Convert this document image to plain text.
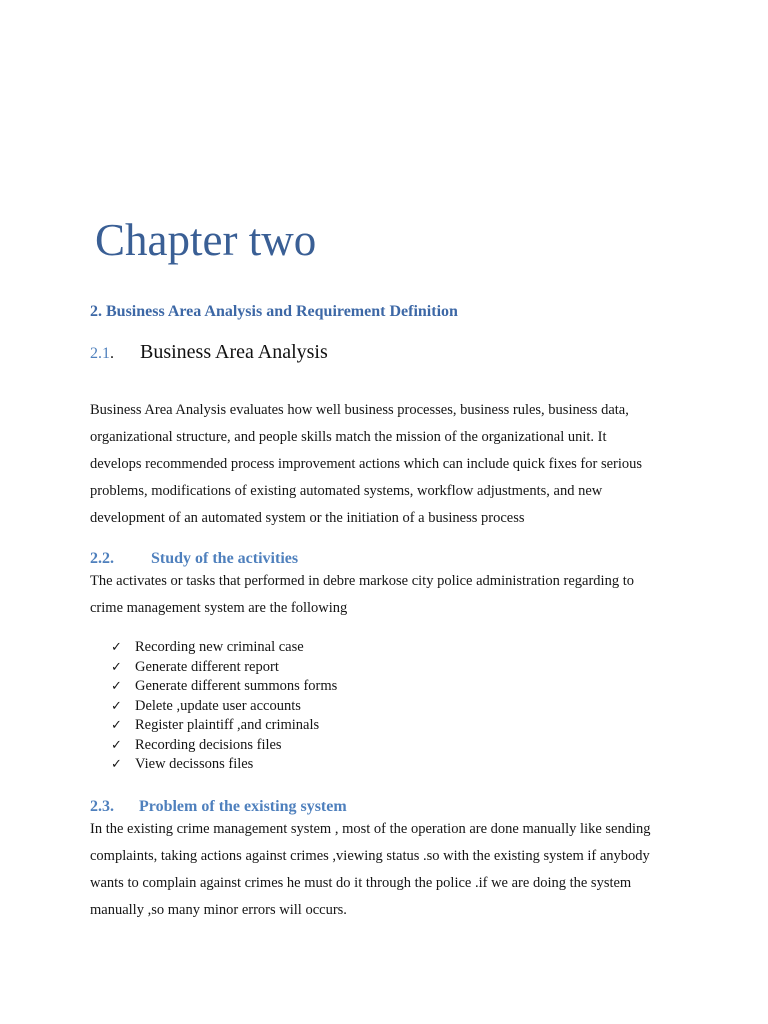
Chapter two
2. Business Area Analysis and Requirement Definition
2.1. Business Area Analysis

Business Area Analysis evaluates how well business processes, business rules, business data,

organizational structure, and people skills match the mission of the organizational unit. It

develops recommended process improvement actions which can include quick fixes for serious

problems, modifications of existing automated systems, workflow adjustments, and new

development of an automated system or the initiation of a business process

2.2. Study of the activities

The activates or tasks that performed in debre markose city police administration regarding to

crime management system are the following

✓ Recording new criminal case
✓ Generate different report
✓ Generate different summons forms
✓ Delete ,update user accounts
✓ Register plaintiff ,and criminals
✓ Recording decisions files
✓ View decissons files
2.3. Problem of the existing system

In the existing crime management system , most of the operation are done manually like sending

complaints, taking actions against crimes ,viewing status .so with the existing system if anybody

wants to complain against crimes he must do it through the police .if we are doing the system

manually ,so many minor errors will occurs.
